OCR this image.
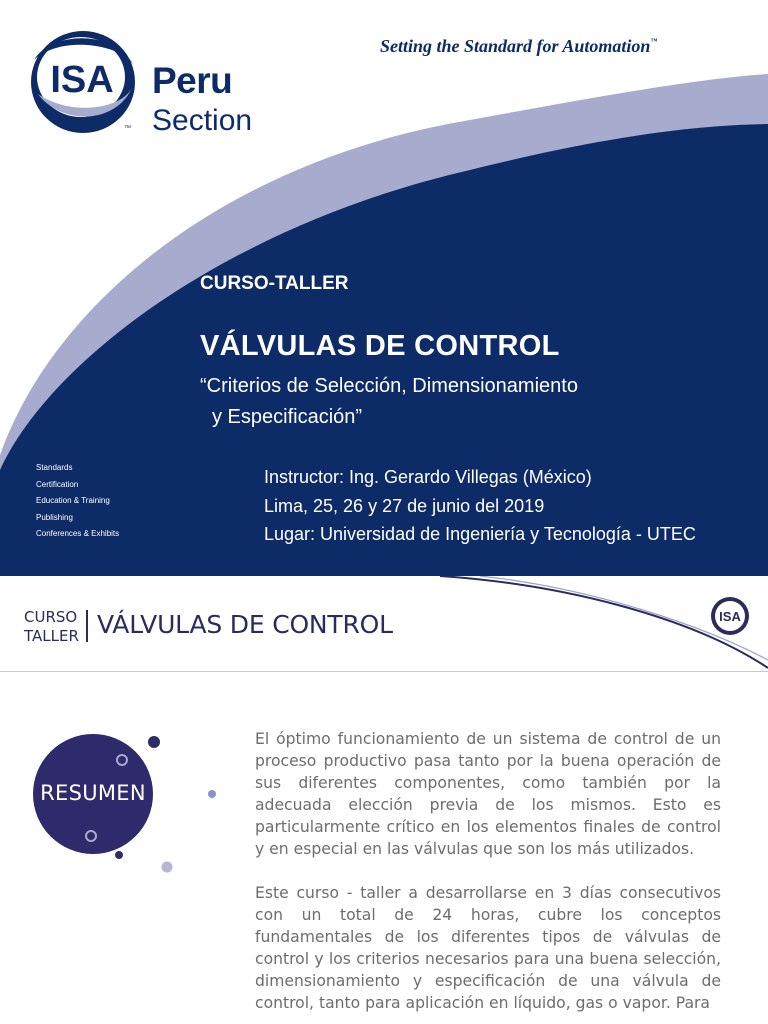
ISA
™
Peru
Section
Setting the Standard for Automation™
CURSO-TALLER
VÁLVULAS DE CONTROL
“Criterios de Selección, Dimensionamiento
y Especificación”
Standards
Certification
Education & Training
Publishing
Conferences & Exhibits
Instructor: Ing. Gerardo Villegas (México)
Lima, 25, 26 y 27 de junio del 2019
Lugar: Universidad de Ingeniería y Tecnología - UTEC
CURSO
TALLER VÁLVULAS DE CONTROL	ISA
RESUMEN

El óptimo funcionamiento de un sistema de control de un proceso productivo pasa tanto por la buena operación de sus diferentes componentes, como también por la adecuada elección previa de los mismos. Esto es particularmente crítico en los elementos finales de control y en especial en las válvulas que son los más utilizados.

Este curso - taller a desarrollarse en 3 días consecutivos con un total de 24 horas, cubre los conceptos fundamentales de los diferentes tipos de válvulas de control y los criterios necesarios para una buena selección, dimensionamiento y especificación de una válvula de control, tanto para aplicación en líquido, gas o vapor. Para
